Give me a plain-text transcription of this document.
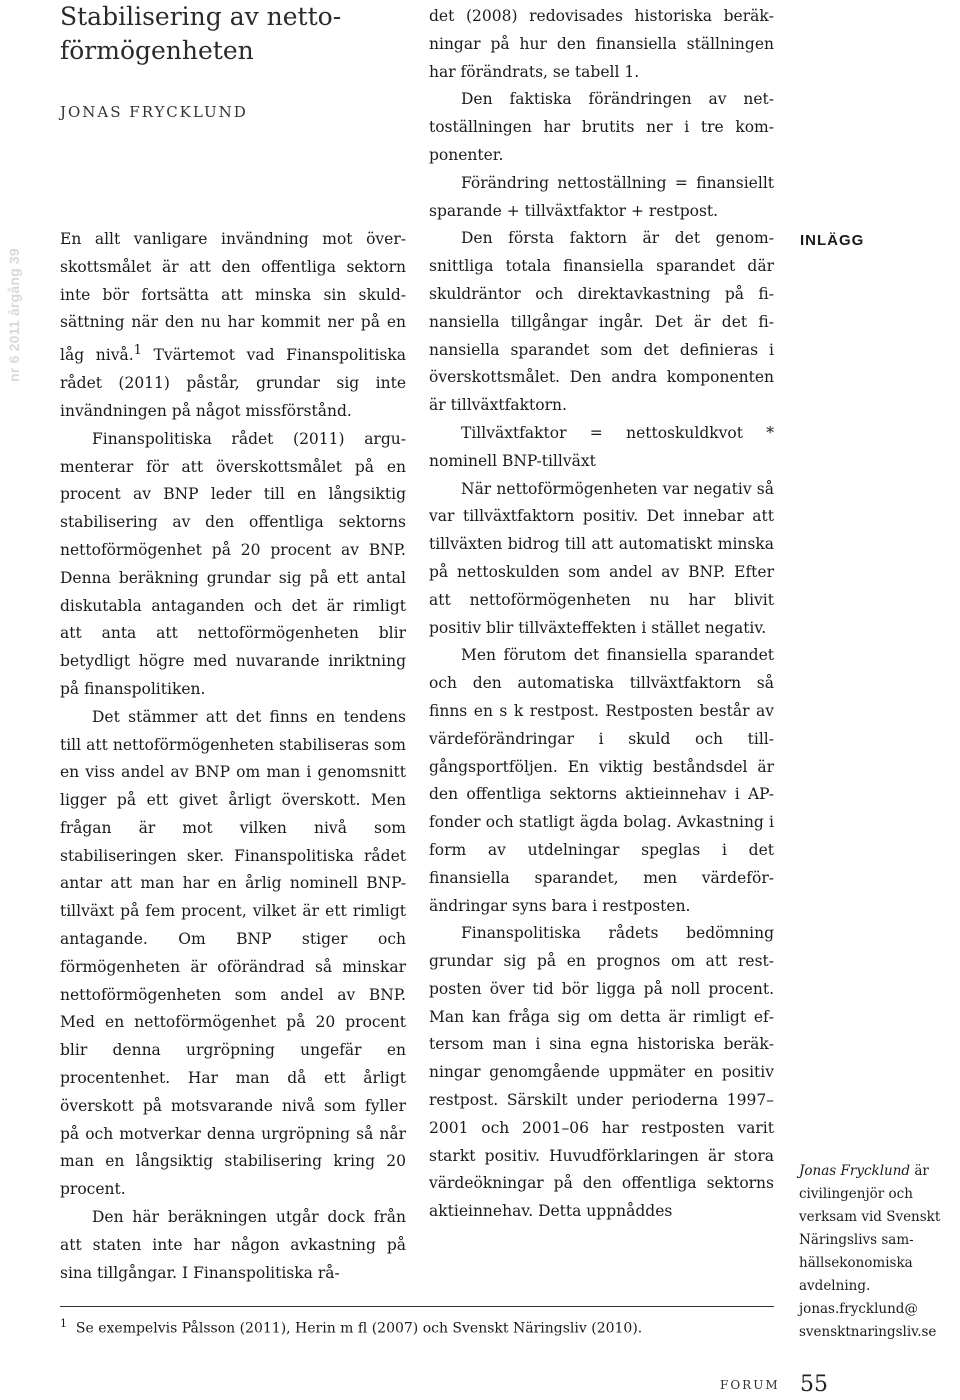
nr 6 2011 årgång 39
Stabilisering av nettoförmögenheten
JONAS FRYCKLUND

En allt vanligare invändning mot överskottsmålet är att den offentliga sektorn inte bör fortsätta att minska sin skuldsättning när den nu har kommit ner på en låg nivå.$^1$ Tvärtemot vad Finanspolitiska rådet (2011) påstår, grundar sig inte invändningen på något missförstånd.

Finanspolitiska rådet (2011) argumenterar för att överskottsmålet på en procent av BNP leder till en långsiktig stabilisering av den offentliga sektorns nettoförmögenhet på 20 procent av BNP. Denna beräkning grundar sig på ett antal diskutabla antaganden och det är rimligt att anta att nettoförmögenheten blir betydligt högre med nuvarande inriktning på finanspolitiken.

Det stämmer att det finns en tendens till att nettoförmögenheten stabiliseras som en viss andel av BNP om man i genomsnitt ligger på ett givet årligt överskott. Men frågan är mot vilken nivå som stabiliseringen sker. Finanspolitiska rådet antar att man har en årlig nominell BNP-tillväxt på fem procent, vilket är ett rimligt antagande. Om BNP stiger och förmögenheten är oförändrad så minskar nettoförmögenheten som andel av BNP. Med en nettoförmögenhet på 20 procent blir denna urgröpning ungefär en procentenhet. Har man då ett årligt överskott på motsvarande nivå som fyller på och motverkar denna urgröpning så når man en långsiktig stabilisering kring 20 procent.

Den här beräkningen utgår dock från att staten inte har någon avkastning på sina tillgångar. I Finanspolitiska rå-

det (2008) redovisades historiska beräkningar på hur den finansiella ställningen har förändrats, se tabell 1.

Den faktiska förändringen av nettoställningen har brutits ner i tre komponenter.

Förändring nettoställning = finansiellt sparande + tillväxtfaktor + restpost.

Den första faktorn är det genomsnittliga totala finansiella sparandet där skuldräntor och direktavkastning på finansiella tillgångar ingår. Det är det finansiella sparandet som det definieras i överskottsmålet. Den andra komponenten är tillväxtfaktorn.

Tillväxtfaktor = nettoskuldkvot * nominell BNP-tillväxt

När nettoförmögenheten var negativ så var tillväxtfaktorn positiv. Det innebar att tillväxten bidrog till att automatiskt minska på nettoskulden som andel av BNP. Efter att nettoförmögenheten nu har blivit positiv blir tillväxteffekten i stället negativ.

Men förutom det finansiella sparandet och den automatiska tillväxtfaktorn så finns en s k restpost. Restposten består av värdeförändringar i skuld och tillgångsportföljen. En viktig beståndsdel är den offentliga sektorns aktieinnehav i AP-fonder och statligt ägda bolag. Avkastning i form av utdelningar speglas i det finansiella sparandet, men värdeförändringar syns bara i restposten.

Finanspolitiska rådets bedömning grundar sig på en prognos om att restposten över tid bör ligga på noll procent. Man kan fråga sig om detta är rimligt eftersom man i sina egna historiska beräkningar genomgående uppmäter en positiv restpost. Särskilt under perioderna 1997–2001 och 2001–06 har restposten varit starkt positiv. Huvudförklaringen är stora värdeökningar på den offentliga sektorns aktieinnehav. Detta uppnåddes

INLÄGG
$^1$ Se exempelvis Pålsson (2011), Herin m fl (2007) och Svenskt Näringsliv (2010).
Jonas Frycklund är civilingenjör och verksam vid Svenskt Näringslivs samhällsekonomiska avdelning.
jonas.frycklund@
svensktnaringsliv.se
FORUM 55
